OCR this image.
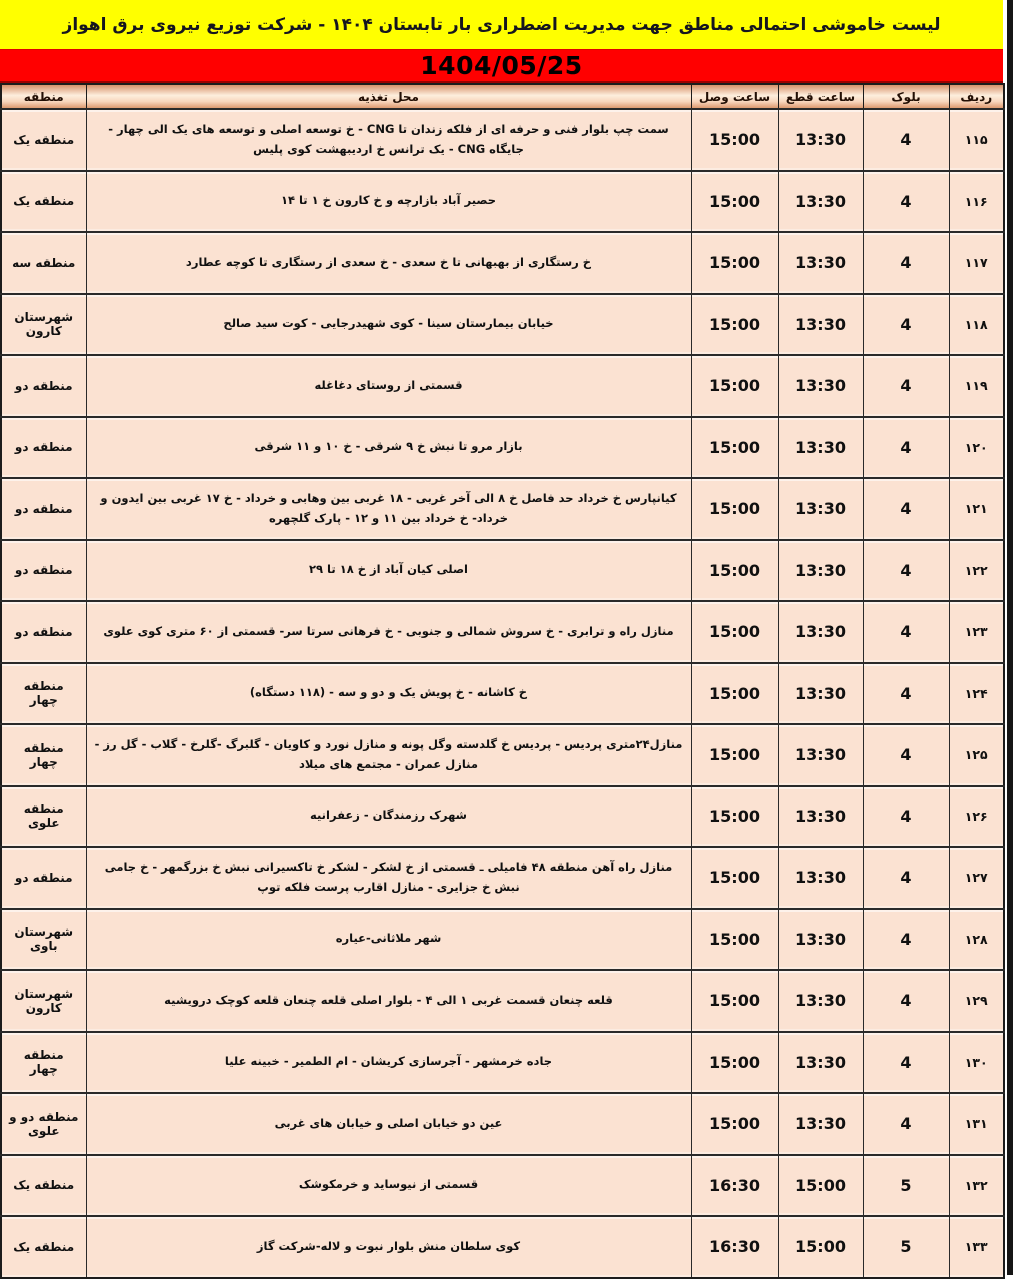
لیست خاموشی احتمالی مناطق جهت مدیریت اضطراری بار تابستان ۱۴۰۴ - شرکت توزیع نیروی برق اهواز
1404/05/25
ردیف	بلوک	ساعت قطع	ساعت وصل	محل تغذیه	منطقه
۱۱۵	4	13:30	15:00	سمت چپ بلوار فنی و حرفه ای از فلکه زندان تا CNG - خ توسعه اصلی و توسعه های یک الی چهار - جایگاه CNG - یک ترانس خ اردیبهشت کوی پلیس	منطقه یک
۱۱۶	4	13:30	15:00	حصیر آباد بازارچه و خ کارون خ ۱ تا ۱۴	منطقه یک
۱۱۷	4	13:30	15:00	خ رستگاری از بهبهانی تا خ سعدی - خ سعدی از رستگاری تا کوچه عطارد	منطقه سه
۱۱۸	4	13:30	15:00	خیابان بیمارستان سینا - کوی شهیدرجایی - کوت سید صالح	شهرستان کارون
۱۱۹	4	13:30	15:00	قسمتی از روستای دغاغله	منطقه دو
۱۲۰	4	13:30	15:00	بازار مرو تا نبش خ ۹ شرقی - خ ۱۰ و ۱۱ شرقی	منطقه دو
۱۲۱	4	13:30	15:00	کیانپارس خ خرداد حد فاصل خ ۸ الی آخر غربی - ۱۸ غربی بین وهابی و خرداد - خ ۱۷ غربی بین ایدون و خرداد- خ خرداد بین ۱۱ و ۱۲ - پارک گلچهره	منطقه دو
۱۲۲	4	13:30	15:00	اصلی کیان آباد از خ ۱۸ تا ۲۹	منطقه دو
۱۲۳	4	13:30	15:00	منازل راه و ترابری - خ سروش شمالی و جنوبی - خ فرهانی سرتا سر- قسمتی از ۶۰ متری کوی علوی	منطقه دو
۱۲۴	4	13:30	15:00	خ کاشانه - خ پویش یک و دو و سه - (۱۱۸ دستگاه)	منطقه چهار
۱۲۵	4	13:30	15:00	منازل۲۴متری پردیس - پردیس خ گلدسته وگل پونه و منازل نورد و کاویان - گلبرگ -گلرخ - گلاب - گل رز - منازل عمران - مجتمع های میلاد	منطقه چهار
۱۲۶	4	13:30	15:00	شهرک رزمندگان - زعفرانیه	منطقه علوی
۱۲۷	4	13:30	15:00	منازل راه آهن منطقه ۴۸ فامیلی ـ قسمتی از خ لشکر - لشکر خ تاکسیرانی نبش خ بزرگمهر - خ جامی نبش خ جزایری - منازل اقارب پرست فلکه توپ	منطقه دو
۱۲۸	4	13:30	15:00	شهر ملاثانی-عیاره	شهرستان باوی
۱۲۹	4	13:30	15:00	قلعه چنعان قسمت غربی ۱ الی ۴ - بلوار اصلی قلعه چنعان قلعه کوچک درویشیه	شهرستان کارون
۱۳۰	4	13:30	15:00	جاده خرمشهر - آجرسازی کریشان - ام الطمیر - خبینه علیا	منطقه چهار
۱۳۱	4	13:30	15:00	عین دو خیابان اصلی و خیابان های غربی	منطقه دو و علوی
۱۳۲	5	15:00	16:30	قسمتی از نیوساید و خرمکوشک	منطقه یک
۱۳۳	5	15:00	16:30	کوی سلطان منش بلوار نبوت و لاله-شرکت گاز	منطقه یک
